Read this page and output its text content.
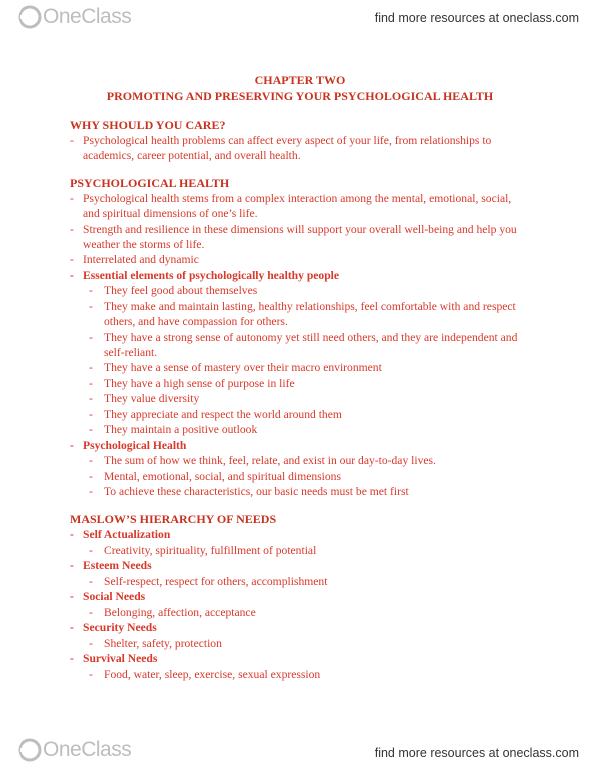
OneClass	find more resources at oneclass.com
CHAPTER TWO
PROMOTING AND PRESERVING YOUR PSYCHOLOGICAL HEALTH
WHY SHOULD YOU CARE?
- Psychological health problems can affect every aspect of your life, from relationships to academics, career potential, and overall health.
PSYCHOLOGICAL HEALTH
- Psychological health stems from a complex interaction among the mental, emotional, social, and spiritual dimensions of one’s life.
- Strength and resilience in these dimensions will support your overall well-being and help you weather the storms of life.
- Interrelated and dynamic
- Essential elements of psychologically healthy people
- They feel good about themselves
- They make and maintain lasting, healthy relationships, feel comfortable with and respect others, and have compassion for others.
- They have a strong sense of autonomy yet still need others, and they are independent and self-reliant.
- They have a sense of mastery over their macro environment
- They have a high sense of purpose in life
- They value diversity
- They appreciate and respect the world around them
- They maintain a positive outlook
- Psychological Health
- The sum of how we think, feel, relate, and exist in our day-to-day lives.
- Mental, emotional, social, and spiritual dimensions
- To achieve these characteristics, our basic needs must be met first
MASLOW’S HIERARCHY OF NEEDS
- Self Actualization
- Creativity, spirituality, fulfillment of potential
- Esteem Needs
- Self-respect, respect for others, accomplishment
- Social Needs
- Belonging, affection, acceptance
- Security Needs
- Shelter, safety, protection
- Survival Needs
- Food, water, sleep, exercise, sexual expression
OneClass	find more resources at oneclass.com
